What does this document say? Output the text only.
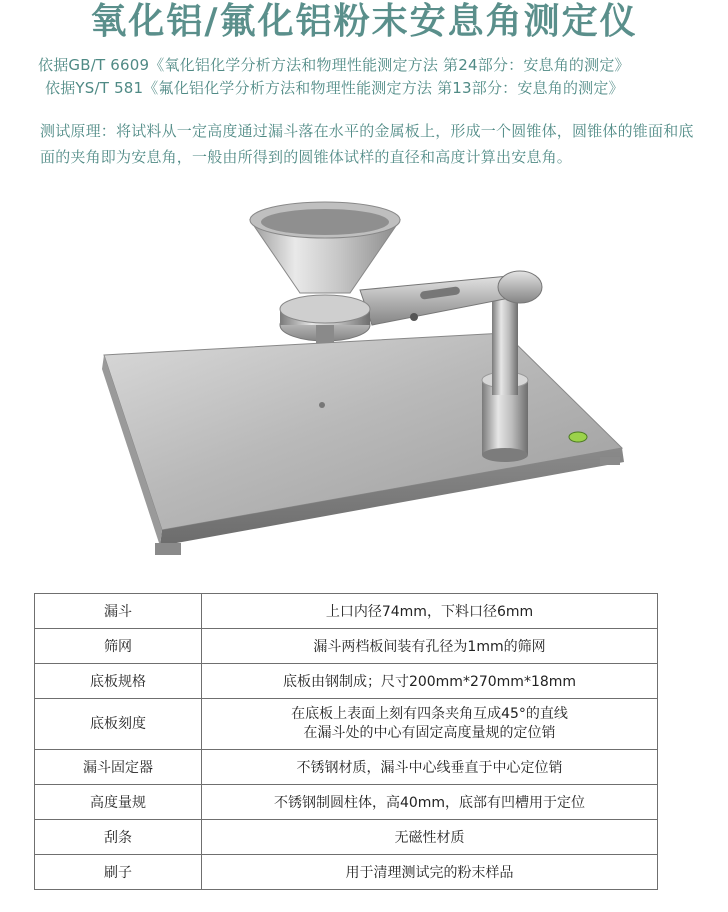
氧化铝/氟化铝粉末安息角测定仪
依据GB/T 6609《氧化铝化学分析方法和物理性能测定方法 第24部分：安息角的测定》
依据YS/T 581《氟化铝化学分析方法和物理性能测定方法 第13部分：安息角的测定》
测试原理：将试料从一定高度通过漏斗落在水平的金属板上，形成一个圆锥体，圆锥体的锥面和底面的夹角即为安息角，一般由所得到的圆锥体试样的直径和高度计算出安息角。
漏斗	上口内径74mm，下料口径6mm
筛网	漏斗两档板间装有孔径为1mm的筛网
底板规格	底板由钢制成；尺寸200mm*270mm*18mm
底板刻度	在底板上表面上刻有四条夹角互成45°的直线
在漏斗处的中心有固定高度量规的定位销

漏斗固定器	不锈钢材质，漏斗中心线垂直于中心定位销
高度量规	不锈钢制圆柱体，高40mm，底部有凹槽用于定位
刮条	无磁性材质
刷子	用于清理测试完的粉末样品
